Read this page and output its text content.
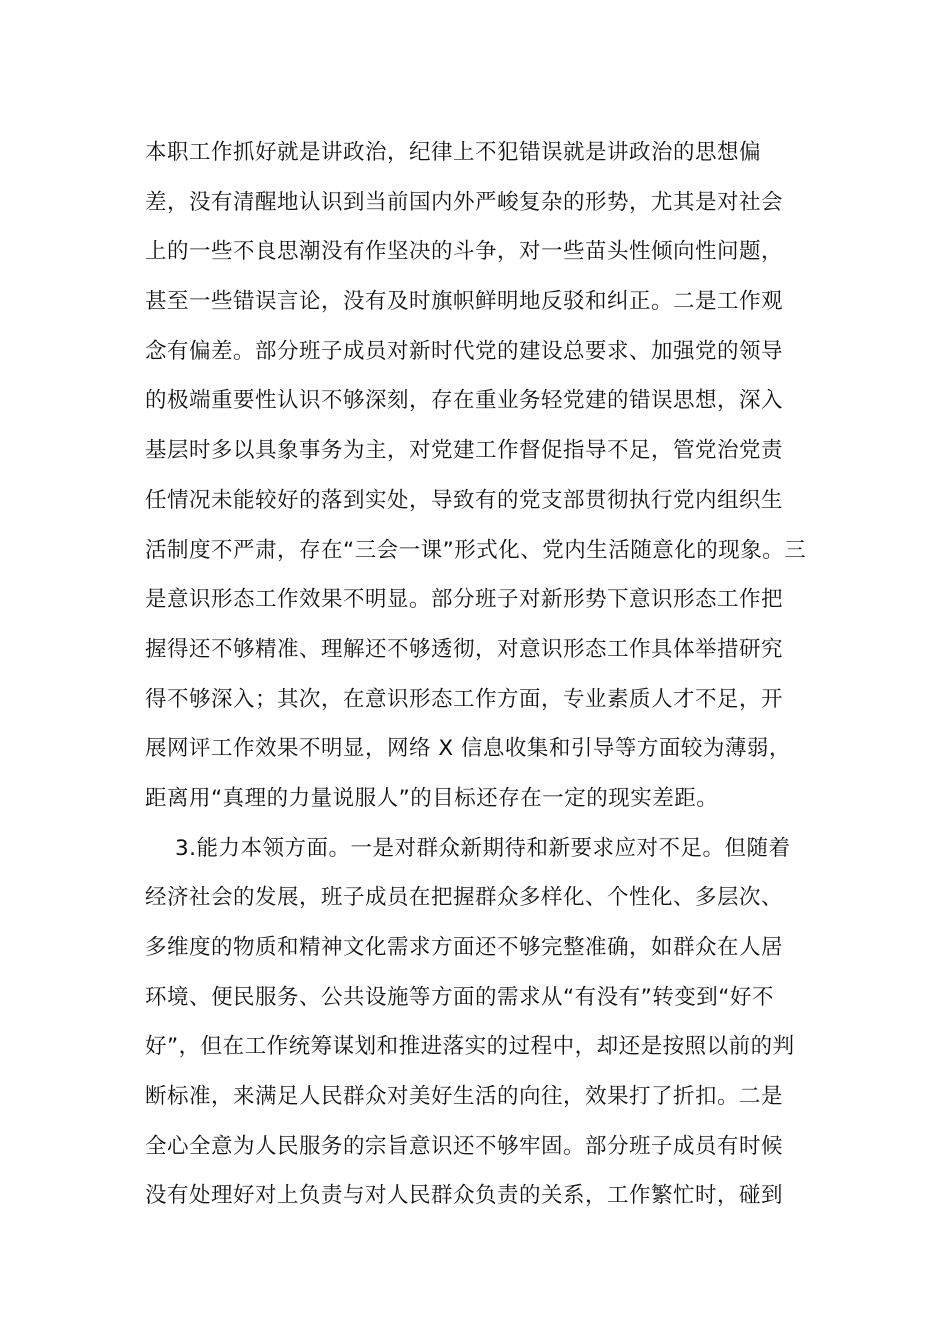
本职工作抓好就是讲政治，纪律上不犯错误就是讲政治的思想偏
差，没有清醒地认识到当前国内外严峻复杂的形势，尤其是对社会
上的一些不良思潮没有作坚决的斗争，对一些苗头性倾向性问题，
甚至一些错误言论，没有及时旗帜鲜明地反驳和纠正。二是工作观
念有偏差。部分班子成员对新时代党的建设总要求、加强党的领导
的极端重要性认识不够深刻，存在重业务轻党建的错误思想，深入
基层时多以具象事务为主，对党建工作督促指导不足，管党治党责
任情况未能较好的落到实处，导致有的党支部贯彻执行党内组织生
活制度不严肃，存在“三会一课”形式化、党内生活随意化的现象。三
是意识形态工作效果不明显。部分班子对新形势下意识形态工作把
握得还不够精准、理解还不够透彻，对意识形态工作具体举措研究
得不够深入；其次，在意识形态工作方面，专业素质人才不足，开
展网评工作效果不明显，网络 X 信息收集和引导等方面较为薄弱，
距离用“真理的力量说服人”的目标还存在一定的现实差距。
3.能力本领方面。一是对群众新期待和新要求应对不足。但随着
经济社会的发展，班子成员在把握群众多样化、个性化、多层次、
多维度的物质和精神文化需求方面还不够完整准确，如群众在人居
环境、便民服务、公共设施等方面的需求从“有没有”转变到“好不
好”，但在工作统筹谋划和推进落实的过程中，却还是按照以前的判
断标准，来满足人民群众对美好生活的向往，效果打了折扣。二是
全心全意为人民服务的宗旨意识还不够牢固。部分班子成员有时候
没有处理好对上负责与对人民群众负责的关系，工作繁忙时，碰到
